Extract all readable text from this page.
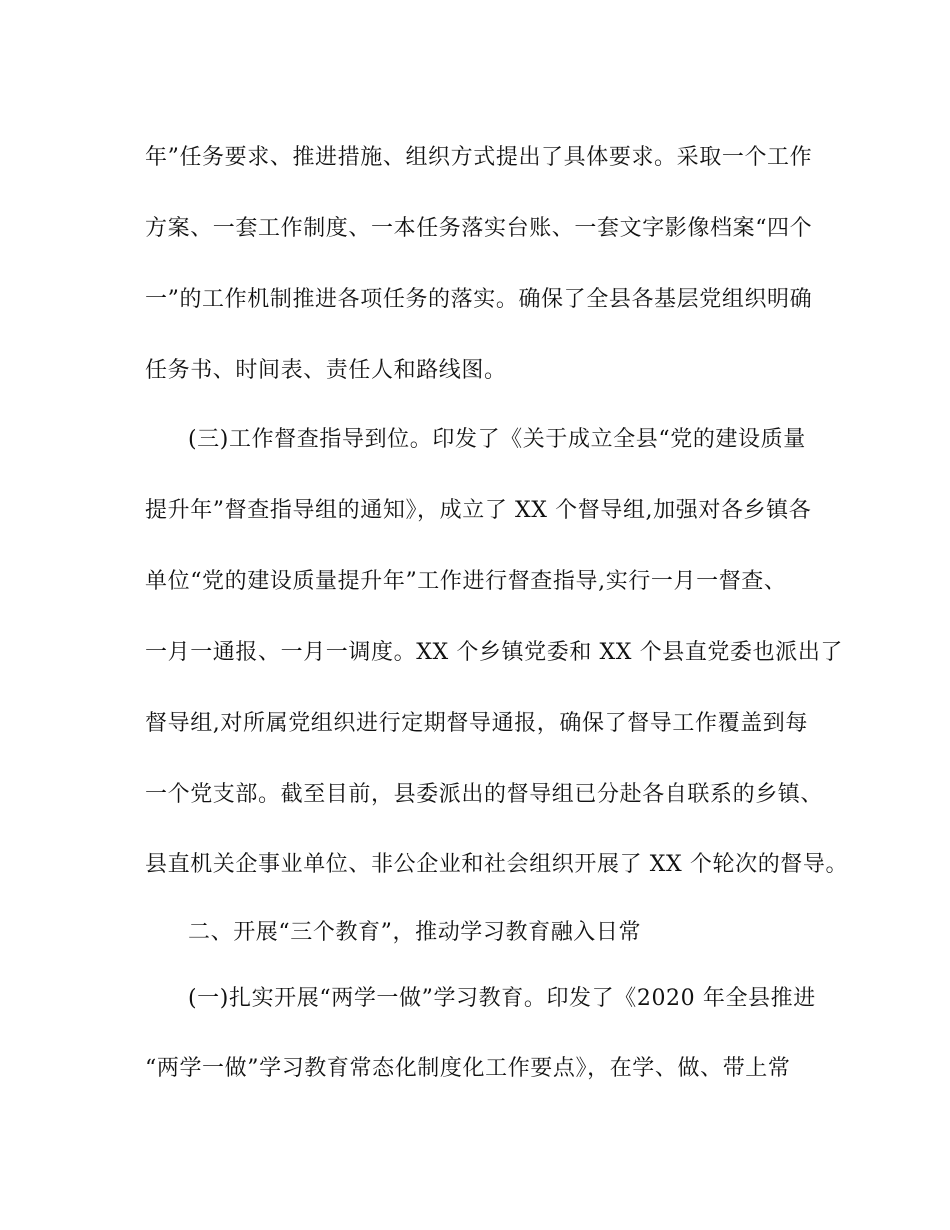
年”任务要求、推进措施、组织方式提出了具体要求。采取一个工作
方案、一套工作制度、一本任务落实台账、一套文字影像档案“四个
一”的工作机制推进各项任务的落实。确保了全县各基层党组织明确
任务书、时间表、责任人和路线图。
(三)工作督查指导到位。印发了《关于成立全县“党的建设质量
提升年”督查指导组的通知》，成立了 XX 个督导组,加强对各乡镇各
单位“党的建设质量提升年”工作进行督查指导,实行一月一督查、
一月一通报、一月一调度。XX 个乡镇党委和 XX 个县直党委也派出了
督导组,对所属党组织进行定期督导通报，确保了督导工作覆盖到每
一个党支部。截至目前，县委派出的督导组已分赴各自联系的乡镇、
县直机关企事业单位、非公企业和社会组织开展了 XX 个轮次的督导。
二、开展“三个教育”，推动学习教育融入日常
(一)扎实开展“两学一做”学习教育。印发了《2020 年全县推进
“两学一做”学习教育常态化制度化工作要点》，在学、做、带上常
